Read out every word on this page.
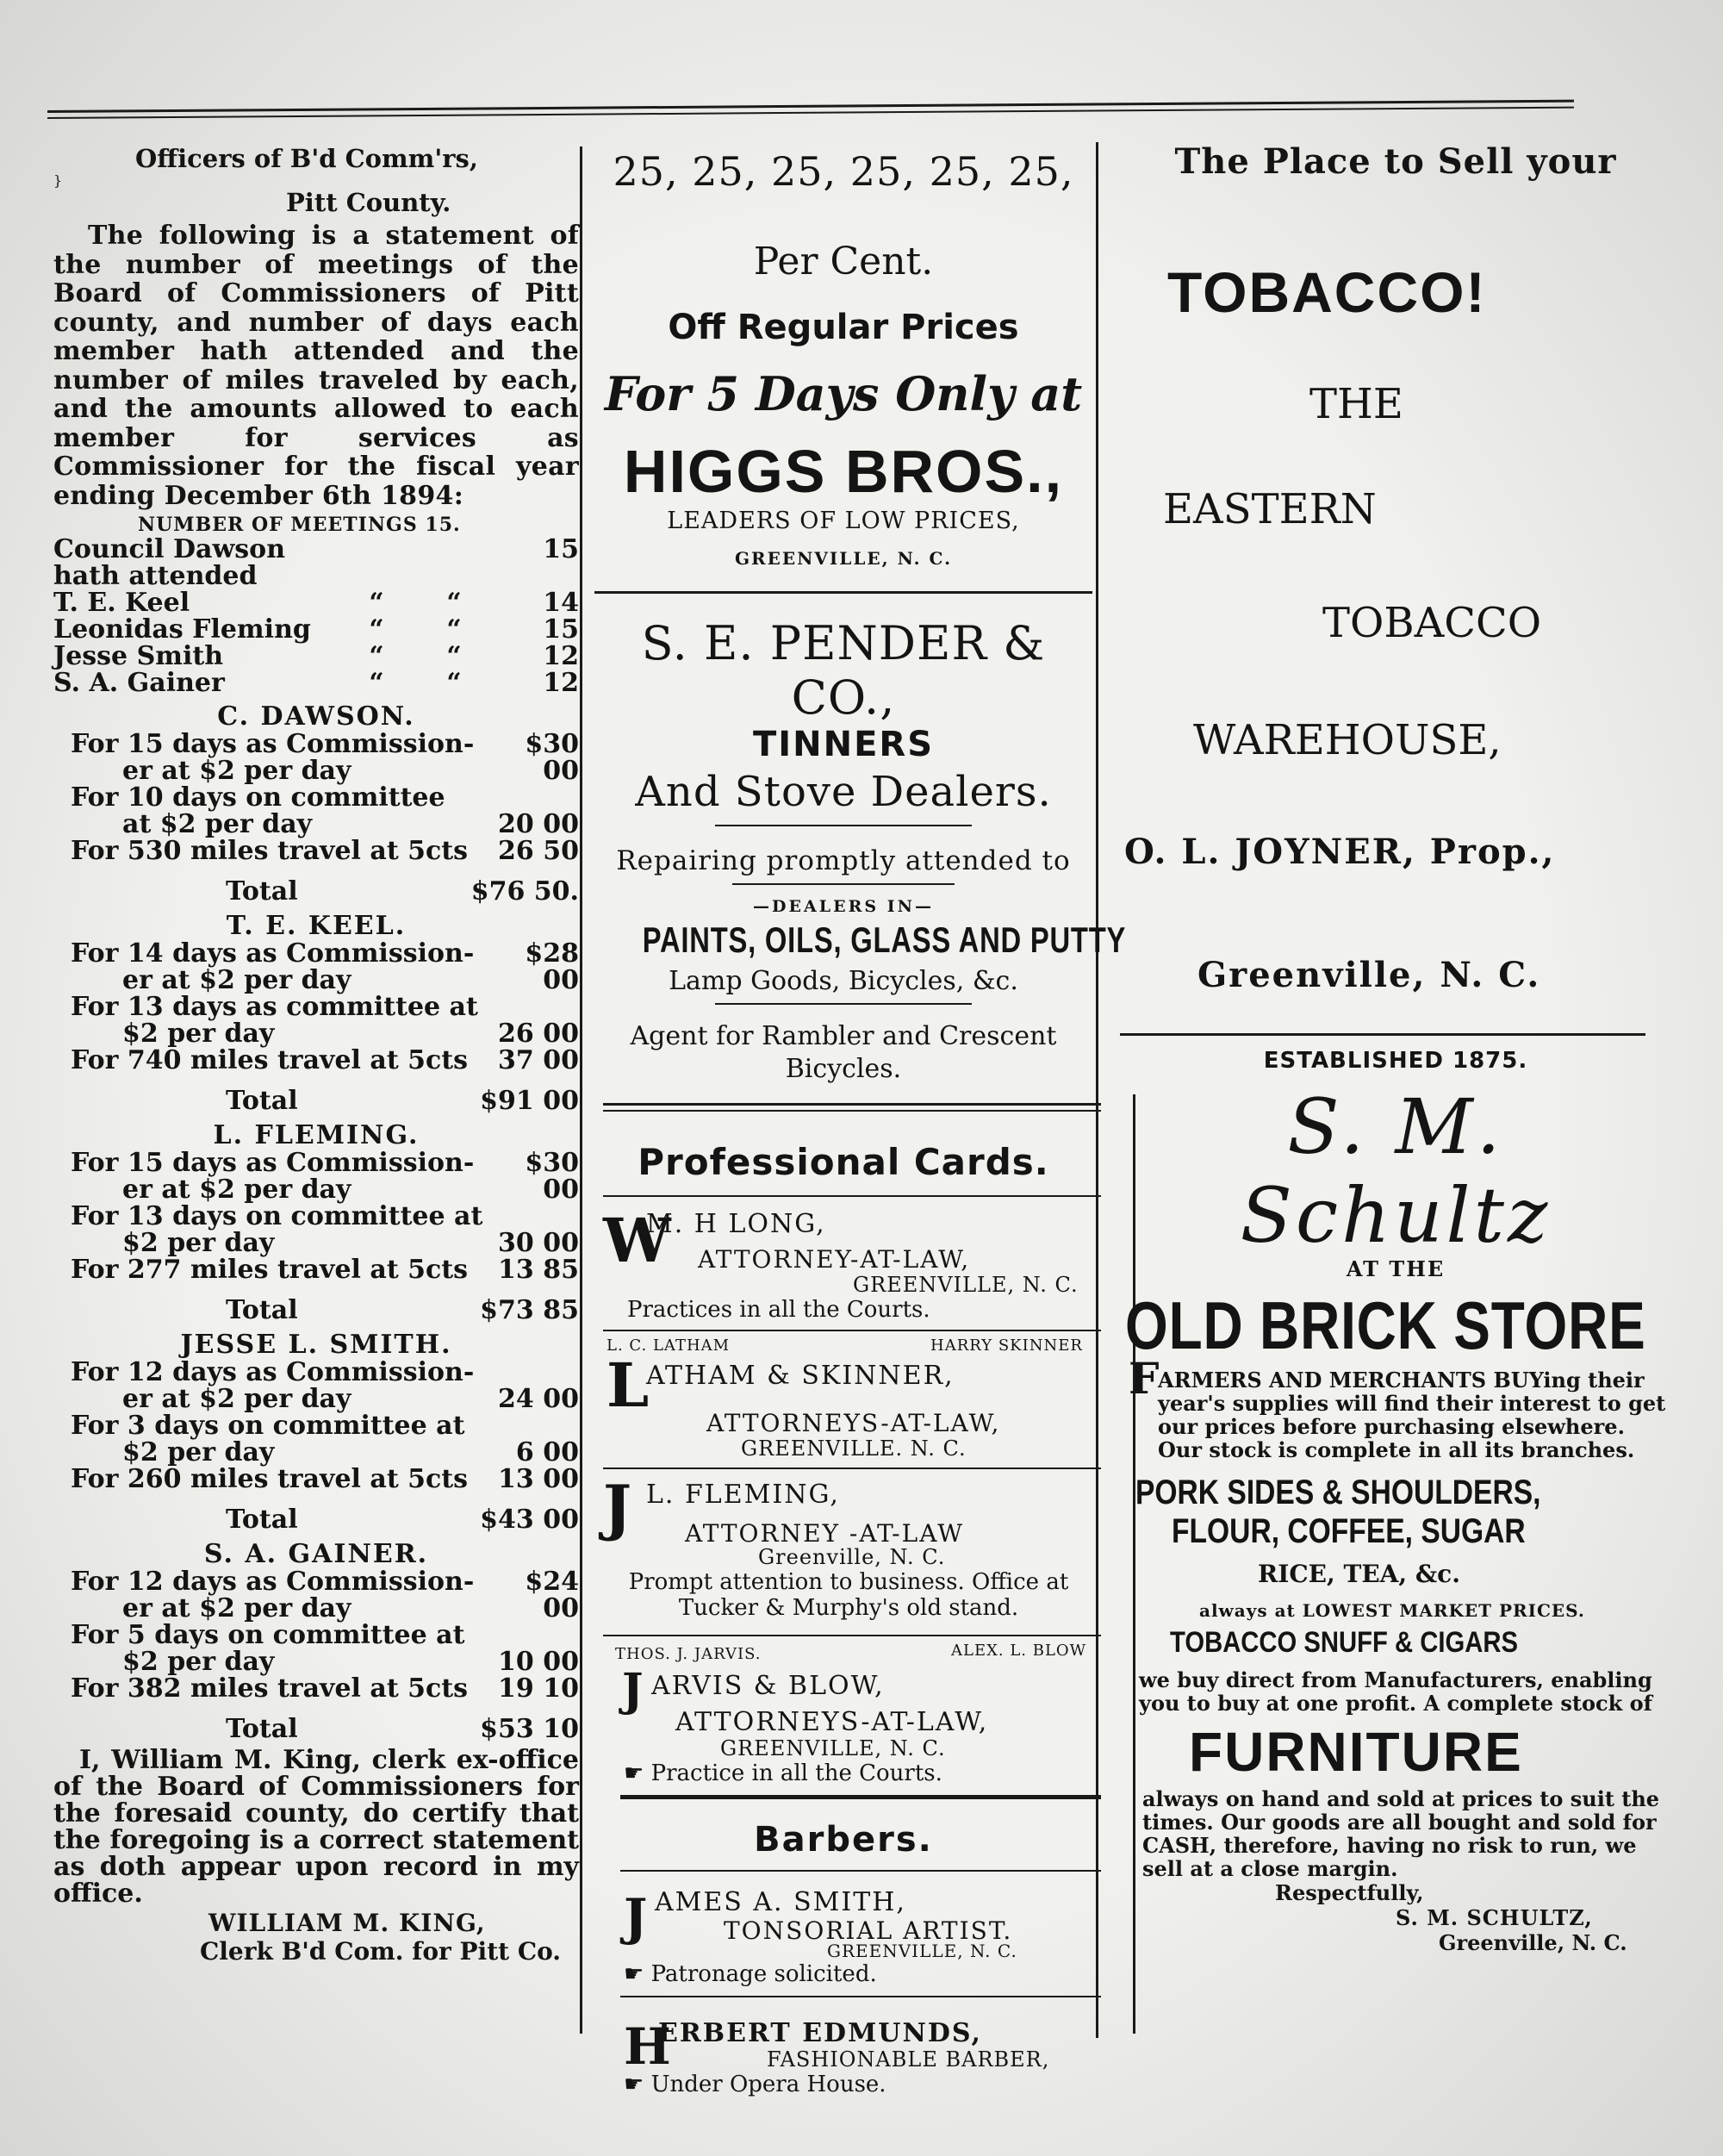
Officers of B'd Comm'rs,
}
Pitt County.
The following is a statement of the number of meetings of the Board of Commissioners of Pitt county, and number of days each member hath attended and the number of miles traveled by each, and the amounts allowed to each member for services as Commissioner for the fiscal year ending December 6th 1894:
NUMBER OF MEETINGS 15.
Council Dawson hath attended
15
T. E. Keel	“	“	14
Leonidas Fleming	“	“	15
Jesse Smith	“	“	12
S. A. Gainer	“	“	12
C. DAWSON.
For 15 days as Commission-
er at $2 per day
$30 00
For 10 days on committee
at $2 per day	20 00
For 530 miles travel at 5cts	26 50
Total	$76 50.
T. E. KEEL.
For 14 days as Commission-
er at $2 per day
$28 00
For 13 days as committee at
$2 per day	26 00
For 740 miles travel at 5cts	37 00
Total	$91 00
L. FLEMING.
For 15 days as Commission-
er at $2 per day
$30 00
For 13 days on committee at
$2 per day	30 00
For 277 miles travel at 5cts	13 85
Total	$73 85
JESSE L. SMITH.
For 12 days as Commission-
er at $2 per day	24 00
For 3 days on committee at
$2 per day	6 00
For 260 miles travel at 5cts	13 00
Total	$43 00
S. A. GAINER.
For 12 days as Commission-
er at $2 per day
$24 00
For 5 days on committee at
$2 per day	10 00
For 382 miles travel at 5cts	19 10
Total	$53 10
I, William M. King, clerk ex-office of the Board of Commissioners for the foresaid county, do certify that the foregoing is a correct statement as doth appear upon record in my office.
WILLIAM M. KING,
Clerk B'd Com. for Pitt Co.
25, 25, 25, 25, 25, 25,
Per Cent.
Off Regular Prices
For 5 Days Only at
HIGGS BROS.,
LEADERS OF LOW PRICES,
GREENVILLE, N. C.
S. E. PENDER & CO.,
TINNERS
And Stove Dealers.
Repairing promptly attended to
—DEALERS IN—
PAINTS, OILS, GLASS AND PUTTY
Lamp Goods, Bicycles, &c.
Agent for Rambler and Crescent Bicycles.
Professional Cards.
W
M. H LONG,
ATTORNEY-AT-LAW,
GREENVILLE, N. C.
Practices in all the Courts.
L. C. LATHAM	HARRY SKINNER
L
ATHAM & SKINNER,
ATTORNEYS-AT-LAW,
GREENVILLE. N. C.
J L. FLEMING,
ATTORNEY -AT-LAW
Greenville, N. C.
Prompt attention to business. Office at Tucker & Murphy's old stand.
THOS. J. JARVIS.	ALEX. L. BLOW
J ARVIS & BLOW,
ATTORNEYS-AT-LAW,
GREENVILLE, N. C.
☛ Practice in all the Courts.
Barbers.
J AMES A. SMITH,
TONSORIAL ARTIST.
GREENVILLE, N. C.
☛ Patronage solicited.
H
ERBERT EDMUNDS,
FASHIONABLE BARBER,
☛ Under Opera House.
The Place to Sell your
TOBACCO!
THE
EASTERN
TOBACCO
WAREHOUSE,
O. L. JOYNER, Prop.,
Greenville, N. C.
ESTABLISHED 1875.
S. M. Schultz
AT THE
OLD BRICK STORE
F
ARMERS AND MERCHANTS BUYing their year's supplies will find their interest to get our prices before purchasing elsewhere. Our stock is complete in all its branches.
PORK SIDES & SHOULDERS,
FLOUR, COFFEE, SUGAR
RICE, TEA, &c.
always at LOWEST MARKET PRICES.
TOBACCO SNUFF & CIGARS
we buy direct from Manufacturers, enabling you to buy at one profit. A complete stock of
FURNITURE
always on hand and sold at prices to suit the times. Our goods are all bought and sold for CASH, therefore, having no risk to run, we sell at a close margin.
Respectfully,
S. M. SCHULTZ,
Greenville, N. C.
